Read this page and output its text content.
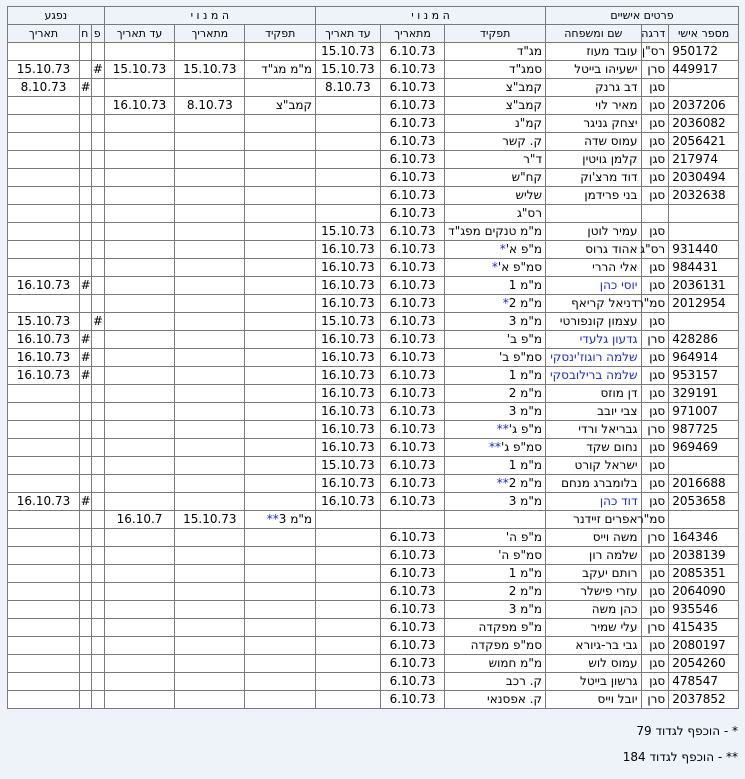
פרטים אישיים			ה מ נ ו י			ה מ נ ו י			נפגע		
מספר אישי	דרגה	שם ומשפחה	תפקיד	מתאריך	עד תאריך	תפקיד	מתאריך	עד תאריך	פ	ח	תאריך
950172	רס"ן	עובד מעוז	מג"ד	6.10.73	15.10.73						
449917	סרן	ישעיהו בייטל	סמג"ד	6.10.73	15.10.73	מ"מ מג"ד	15.10.73	15.10.73	#		15.10.73
	סגן	דב גרנק	קמב"צ	6.10.73	8.10.73					#	8.10.73
2037206	סגן	מאיר לוי	קמב"צ	6.10.73		קמב"צ	8.10.73	16.10.73			
2036082	סגן	יצחק גניגר	קמ"נ	6.10.73							
2056421	סגן	עמוס שדה	ק. קשר	6.10.73							
217974	סגן	קלמן גויטין	ד"ר	6.10.73							
2030494	סגן	דוד מרצ'וק	קח"ש	6.10.73							
2032638	סגן	בני פרידמן	שליש	6.10.73							
			רס"ג	6.10.73							
	סגן	עמיר לוטן	מ"מ טנקים מפג"ד	6.10.73	15.10.73						
931440	רס"ג	אהוד גרוס	מ"פ א'*	6.10.73	16.10.73						
984431	סגן	אלי הררי	סמ"פ א'*	6.10.73	16.10.73						
2036131	סגן	יוסי כהן	מ"מ 1	6.10.73	16.10.73					#	16.10.73
2012954	סמ"ר	דניאל קריאף	מ"מ 2*	6.10.73	16.10.73						
	סגן	עצמון קונפורטי	מ"מ 3	6.10.73	15.10.73				#		15.10.73
428286	סרן	גדעון גלעדי	מ"פ ב'	6.10.73	16.10.73					#	16.10.73
964914	סגן	שלמה רוגוז'ינסקי	סמ"פ ב'	6.10.73	16.10.73					#	16.10.73
953157	סגן	שלמה ברילובסקי	מ"מ 1	6.10.73	16.10.73					#	16.10.73
329191	סגן	דן מוזס	מ"מ 2	6.10.73	16.10.73						
971007	סגן	צבי יובב	מ"מ 3	6.10.73	16.10.73						
987725	סרן	גבריאל ורדי	מ"פ ג'**	6.10.73	16.10.73						
969469	סגן	נחום שקד	סמ"פ ג'**	6.10.73	16.10.73						
	סגן	ישראל קורט	מ"מ 1	6.10.73	15.10.73						
2016688	סגן	בלומברג מנחם	מ"מ 2**	6.10.73	16.10.73						
2053658	סגן	דוד כהן	מ"מ 3	6.10.73	16.10.73					#	16.10.73
	סמ"ר	אפרים זיידנר				מ"מ 3**	15.10.73	16.10.7			
164346	סרן	משה וייס	מ"פ ה'	6.10.73							
2038139	סגן	שלמה רון	סמ"פ ה'	6.10.73							
2085351	סגן	רותם יעקב	מ"מ 1	6.10.73							
2064090	סגן	עזרי פישלר	מ"מ 2	6.10.73							
935546	סגן	כהן משה	מ"מ 3	6.10.73							
415435	סרן	עלי שמיר	מ"פ מפקדה	6.10.73							
2080197	סגן	גבי בר-גיורא	סמ"פ מפקדה	6.10.73							
2054260	סגן	עמוס לוש	מ"מ חמוש	6.10.73							
478547	סגן	גרשון בייטל	ק. רכב	6.10.73							
2037852	סרן	יובל וייס	ק. אפסנאי	6.10.73							
* - הוכפף לגדוד 79
** - הוכפף לגדוד 184
